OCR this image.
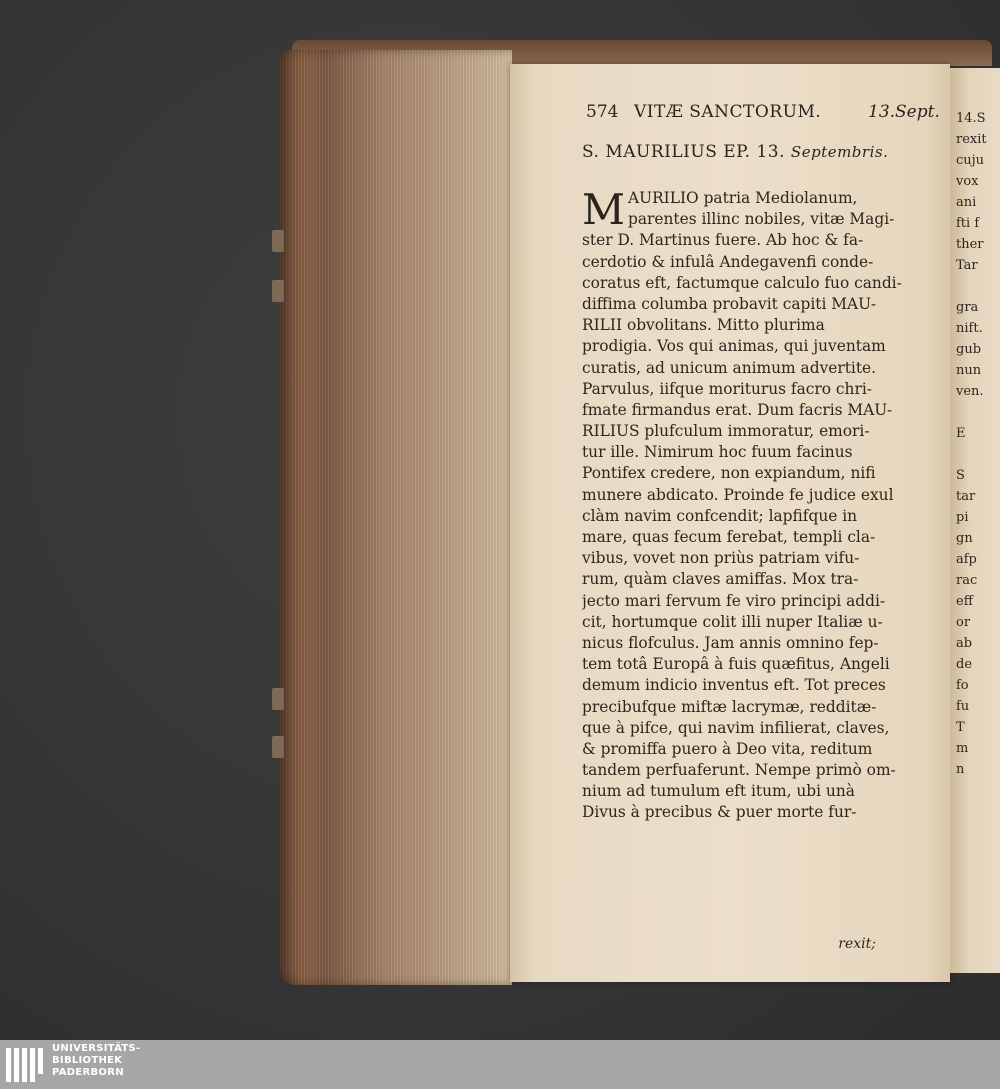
574 VITÆ SANCTORUM.	13.Sept.
S. MAURILIUS EP. 13. Septembris.
M AURILIO patria Mediolanum,
parentes illinc nobiles, vitæ Magi-
ster D. Martinus fuere. Ab hoc & fa-
cerdotio & infulâ Andegavenfi conde-
coratus eft, factumque calculo fuo candi-
diffima columba probavit capiti MAU-
RILII obvolitans. Mitto plurima
prodigia. Vos qui animas, qui juventam
curatis, ad unicum animum advertite.
Parvulus, iifque moriturus facro chri-
fmate firmandus erat. Dum facris MAU-
RILIUS plufculum immoratur, emori-
tur ille. Nimirum hoc fuum facinus
Pontifex credere, non expiandum, nifi
munere abdicato. Proinde fe judice exul
clàm navim confcendit; lapfifque in
mare, quas fecum ferebat, templi cla-
vibus, vovet non priùs patriam vifu-
rum, quàm claves amiffas. Mox tra-
jecto mari fervum fe viro principi addi-
cit, hortumque colit illi nuper Italiæ u-
nicus flofculus. Jam annis omnino fep-
tem totâ Europâ à fuis quæfitus, Angeli
demum indicio inventus eft. Tot preces
precibufque miftæ lacrymæ, redditæ-
que à pifce, qui navim infilierat, claves,
& promiffa puero à Deo vita, reditum
tandem perfuaferunt. Nempe primò om-
nium ad tumulum eft itum, ubi unà
Divus à precibus & puer morte fur-
rexit;
14.S
rexit
cuju
vox
ani
fti f
ther
Tar
gra
nift.
gub
nun
ven.
E
S
tar
pi
gn
afp
rac
eff
or
ab
de
fo
fu
T
m
n
UNIVERSITÄTS-
BIBLIOTHEK
PADERBORN
